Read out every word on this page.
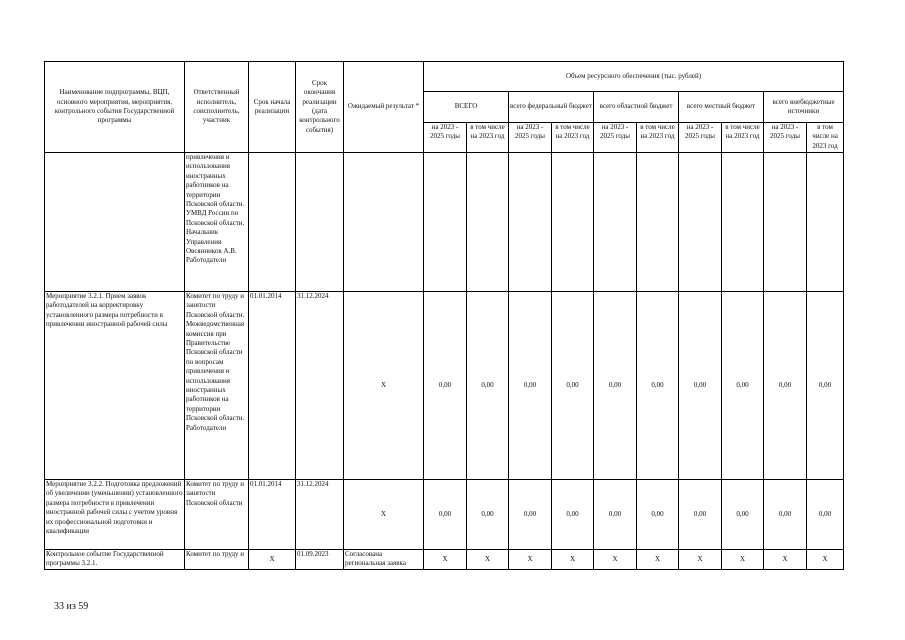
Наименование подпрограммы, ВЦП, основного мероприятия, мероприятия, контрольного события Государственной программы	Ответственный исполнитель, соисполнитель, участник	Срок начала реализации	Срок окончания реализации (дата контрольного события)	Ожидаемый результат *	Объем ресурсного обеспечения (тыс. рублей)									
					ВСЕГО		всего федеральный бюджет		всего областной бюджет		всего местный бюджет		всего внебюджетные источники	
					на 2023 - 2025 годы	в том числе на 2023 год	на 2023 - 2025 годы	в том числе на 2023 год	на 2023 - 2025 годы	в том числе на 2023 год	на 2023 - 2025 годы	в том числе на 2023 год	на 2023 - 2025 годы	в том числе на 2023 год
	привлечения и использования иностранных работников на территории Псковской области. УМВД России по Псковской области. Начальник Управления Овсянников А.В. Работодатели													
Мероприятие 3.2.1. Прием заявок работодателей на корректировку установленного размера потребности в привлечении иностранной рабочей силы	Комитет по труду и занятости Псковской области. Межведомственная комиссия при Правительстве Псковской области по вопросам привлечения и использования иностранных работников на территории Псковской области. Работодатели	01.01.2014	31.12.2024	X	0,00	0,00	0,00	0,00	0,00	0,00	0,00	0,00	0,00	0,00
Мероприятие 3.2.2. Подготовка предложений об увеличении (уменьшении) установленного размера потребности в привлечении иностранной рабочей силы с учетом уровня их профессиональной подготовки и квалификации	Комитет по труду и занятости Псковской области	01.01.2014	31.12.2024	X	0,00	0,00	0,00	0,00	0,00	0,00	0,00	0,00	0,00	0,00
Контрольное событие Государственной программы 3.2.1.	Комитет по труду и	X	01.09.2023	Согласована региональная заявка	X	X	X	X	X	X	X	X	X	X
33 из 59
